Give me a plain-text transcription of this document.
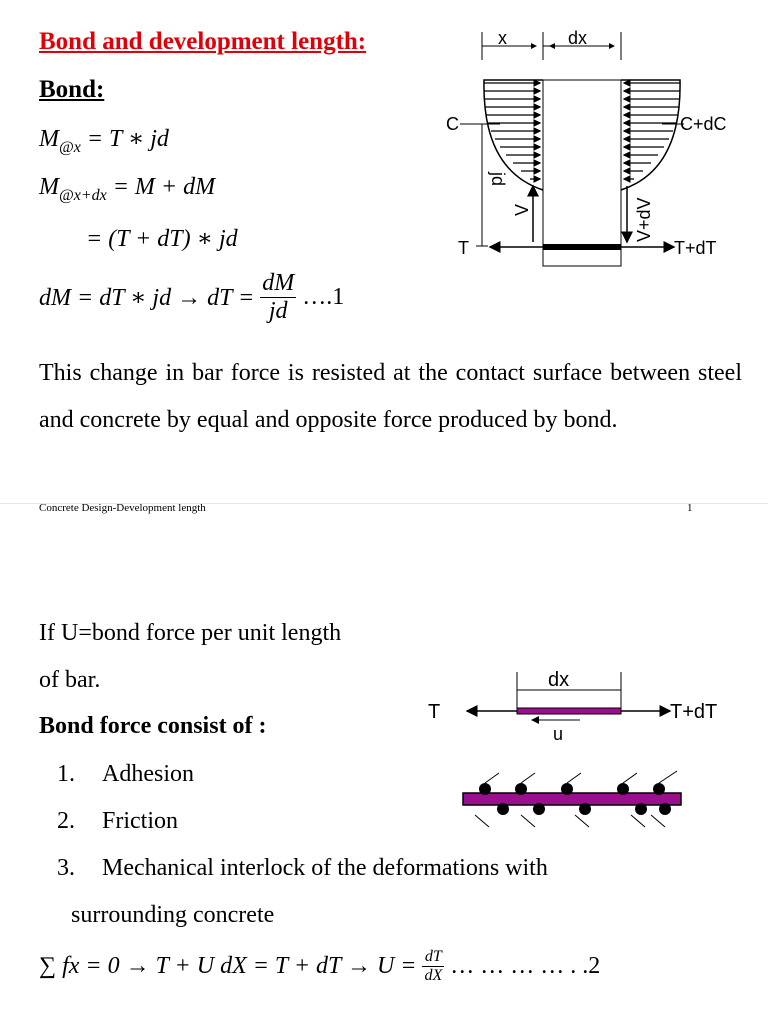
Bond and development length:
Bond:
$M_{@x} = T$ ∗ jd
$M_{@x+dx} = M$ + dM
= (T + dT) ∗ jd
dM = dT ∗ jd → dT = $\frac{dM}{jd}$ ….1
This change in bar force is resisted at the contact surface between steel and concrete by equal and opposite force produced by bond.
Concrete Design-Development length	1
x	dx
C	C+dC
jd
V	V+dV
T	T+dT
If U=bond force per unit length
of bar.
Bond force consist of :
1. Adhesion
2. Friction
3. Mechanical interlock of the deformations with
surrounding concrete
∑ fx = 0 → T + U dX = T + dT → $U = \frac{dT}{dX}$ … … … … . .2
dx
T	T+dT
u
